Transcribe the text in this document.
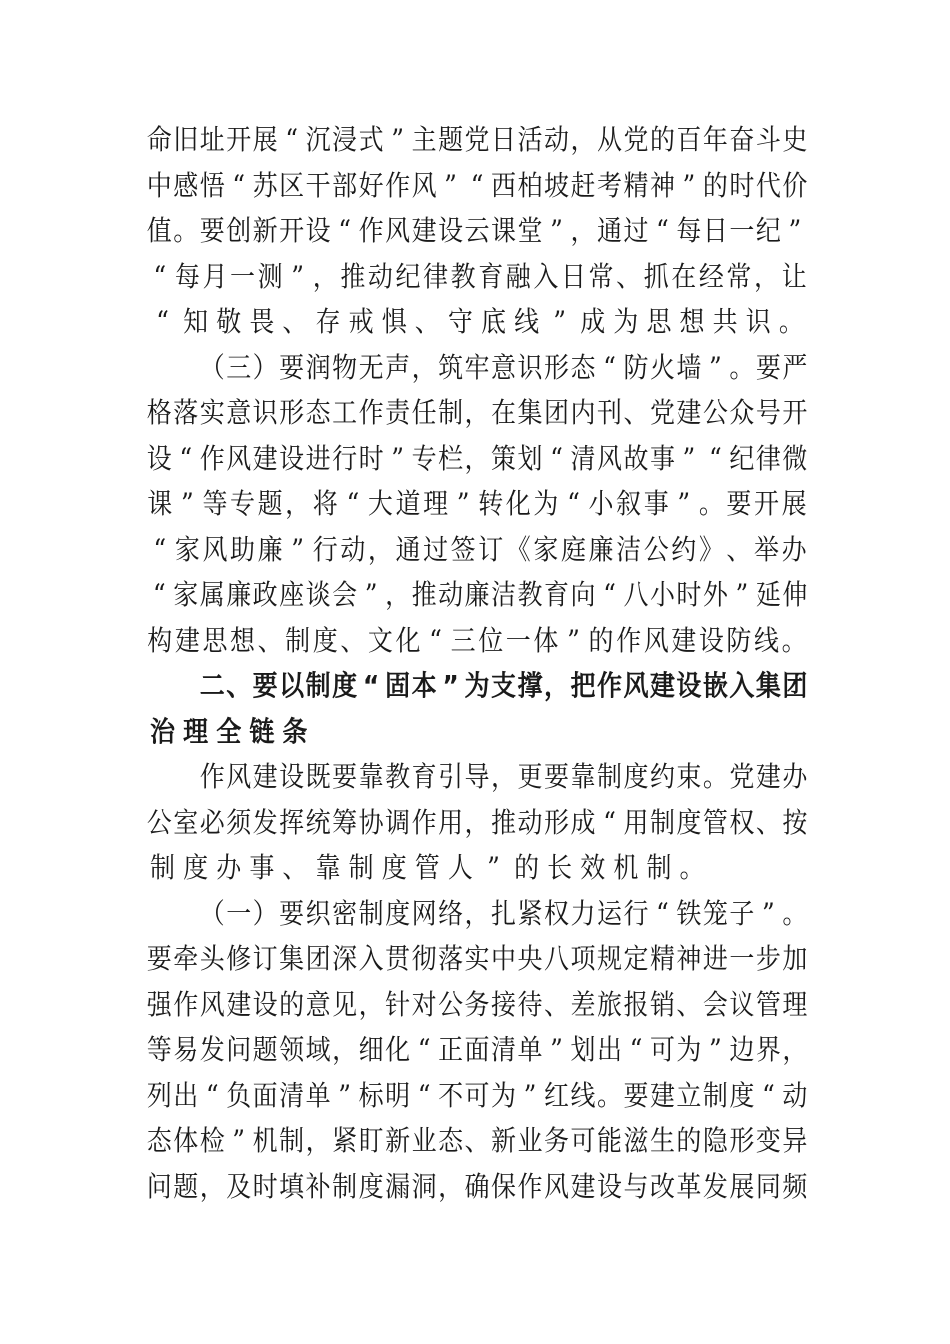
命 旧 址 开 展 “ 沉 浸 式 ” 主 题 党 日 活 动 ， 从 党 的 百 年 奋 斗 史
中 感 悟 “ 苏 区 干 部 好 作 风 ” “ 西 柏 坡 赶 考 精 神 ” 的 时 代 价
值 。 要 创 新 开 设 “ 作 风 建 设 云 课 堂 ” ， 通 过 “ 每 日 一 纪 ”
“ 每 月 一 测 ” ， 推 动 纪 律 教 育 融 入 日 常 、 抓 在 经 常 ， 让
“ 知 敬 畏 、 存 戒 惧 、 守 底 线 ” 成 为 思 想 共 识 。

（ 三 ） 要 润 物 无 声 ， 筑 牢 意 识 形 态 “ 防 火 墙 ” 。 要 严
格 落 实 意 识 形 态 工 作 责 任 制 ， 在 集 团 内 刊 、 党 建 公 众 号 开
设 “ 作 风 建 设 进 行 时 ” 专 栏 ， 策 划 “ 清 风 故 事 ” “ 纪 律 微
课 ” 等 专 题 ， 将 “ 大 道 理 ” 转 化 为 “ 小 叙 事 ” 。 要 开 展
“ 家 风 助 廉 ” 行 动 ， 通 过 签 订 《 家 庭 廉 洁 公 约 》 、 举 办
“ 家 属 廉 政 座 谈 会 ” ， 推 动 廉 洁 教 育 向 “ 八 小 时 外 ” 延 伸
构 建 思 想 、 制 度 、 文 化 “ 三 位 一 体 ” 的 作 风 建 设 防 线 。

二 、 要 以 制 度 “ 固 本 ” 为 支 撑 ， 把 作 风 建 设 嵌 入 集 团
治 理 全 链 条

作 风 建 设 既 要 靠 教 育 引 导 ， 更 要 靠 制 度 约 束 。 党 建 办
公 室 必 须 发 挥 统 筹 协 调 作 用 ， 推 动 形 成 “ 用 制 度 管 权 、 按
制 度 办 事 、 靠 制 度 管 人 ” 的 长 效 机 制 。

（ 一 ） 要 织 密 制 度 网 络 ， 扎 紧 权 力 运 行 “ 铁 笼 子 ” 。
要 牵 头 修 订 集 团 深 入 贯 彻 落 实 中 央 八 项 规 定 精 神 进 一 步 加
强 作 风 建 设 的 意 见 ， 针 对 公 务 接 待 、 差 旅 报 销 、 会 议 管 理
等 易 发 问 题 领 域 ， 细 化 “ 正 面 清 单 ” 划 出 “ 可 为 ” 边 界 ，
列 出 “ 负 面 清 单 ” 标 明 “ 不 可 为 ” 红 线 。 要 建 立 制 度 “ 动
态 体 检 ” 机 制 ， 紧 盯 新 业 态 、 新 业 务 可 能 滋 生 的 隐 形 变 异
问 题 ， 及 时 填 补 制 度 漏 洞 ， 确 保 作 风 建 设 与 改 革 发 展 同 频
